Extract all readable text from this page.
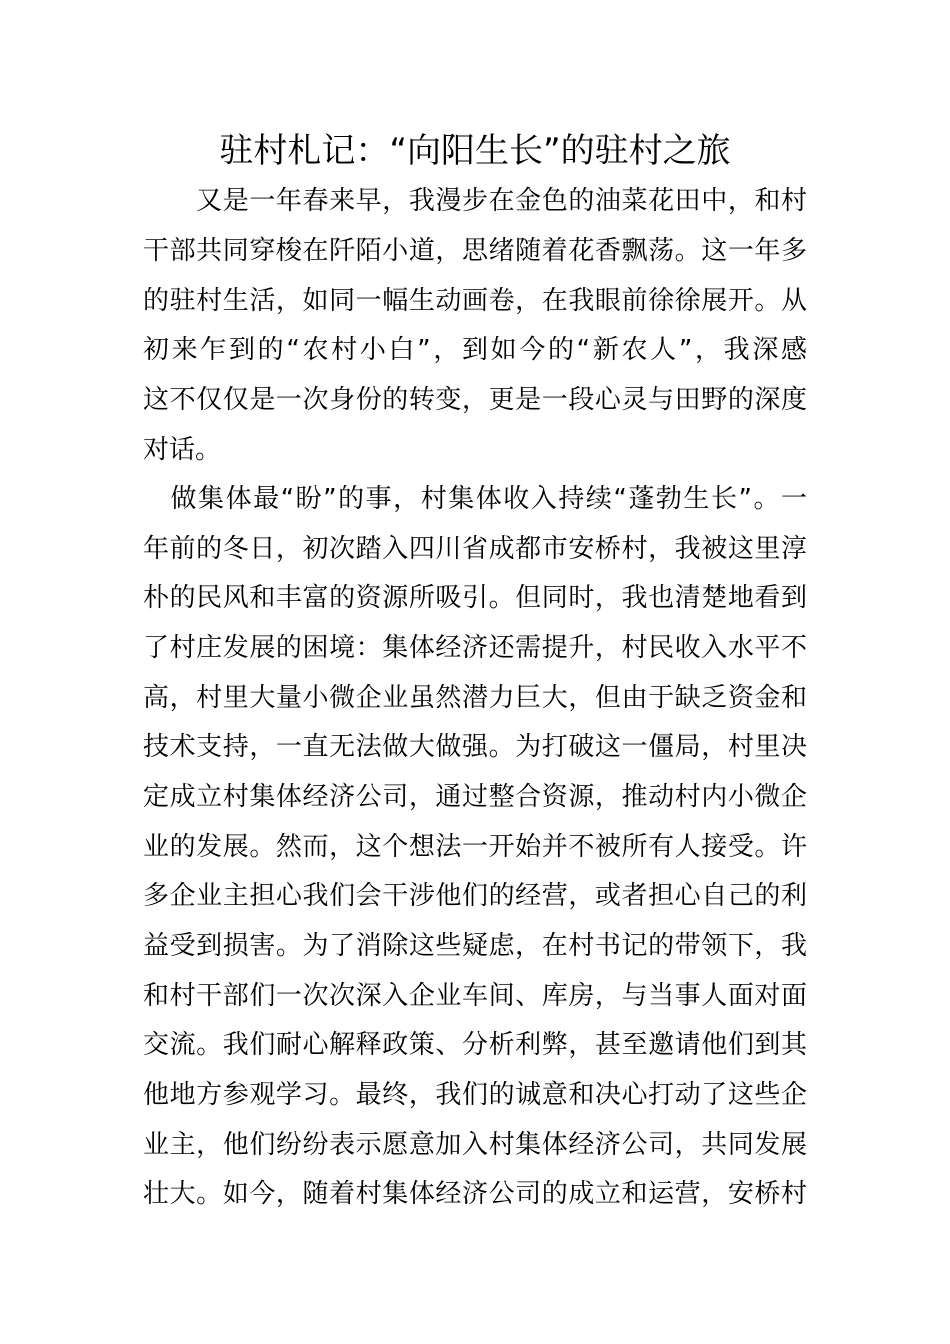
驻村札记：“向阳生长”的驻村之旅

　　又是一年春来早，我漫步在金色的油菜花田中，和村

干部共同穿梭在阡陌小道，思绪随着花香飘荡。这一年多

的驻村生活，如同一幅生动画卷，在我眼前徐徐展开。从

初来乍到的“农村小白”，到如今的“新农人”，我深感

这不仅仅是一次身份的转变，更是一段心灵与田野的深度

对话。

　做集体最“盼”的事，村集体收入持续“蓬勃生长”。一

年前的冬日，初次踏入四川省成都市安桥村，我被这里淳

朴的民风和丰富的资源所吸引。但同时，我也清楚地看到

了村庄发展的困境：集体经济还需提升，村民收入水平不

高，村里大量小微企业虽然潜力巨大，但由于缺乏资金和

技术支持，一直无法做大做强。为打破这一僵局，村里决

定成立村集体经济公司，通过整合资源，推动村内小微企

业的发展。然而，这个想法一开始并不被所有人接受。许

多企业主担心我们会干涉他们的经营，或者担心自己的利

益受到损害。为了消除这些疑虑，在村书记的带领下，我

和村干部们一次次深入企业车间、库房，与当事人面对面

交流。我们耐心解释政策、分析利弊，甚至邀请他们到其

他地方参观学习。最终，我们的诚意和决心打动了这些企

业主，他们纷纷表示愿意加入村集体经济公司，共同发展

壮大。如今，随着村集体经济公司的成立和运营，安桥村
